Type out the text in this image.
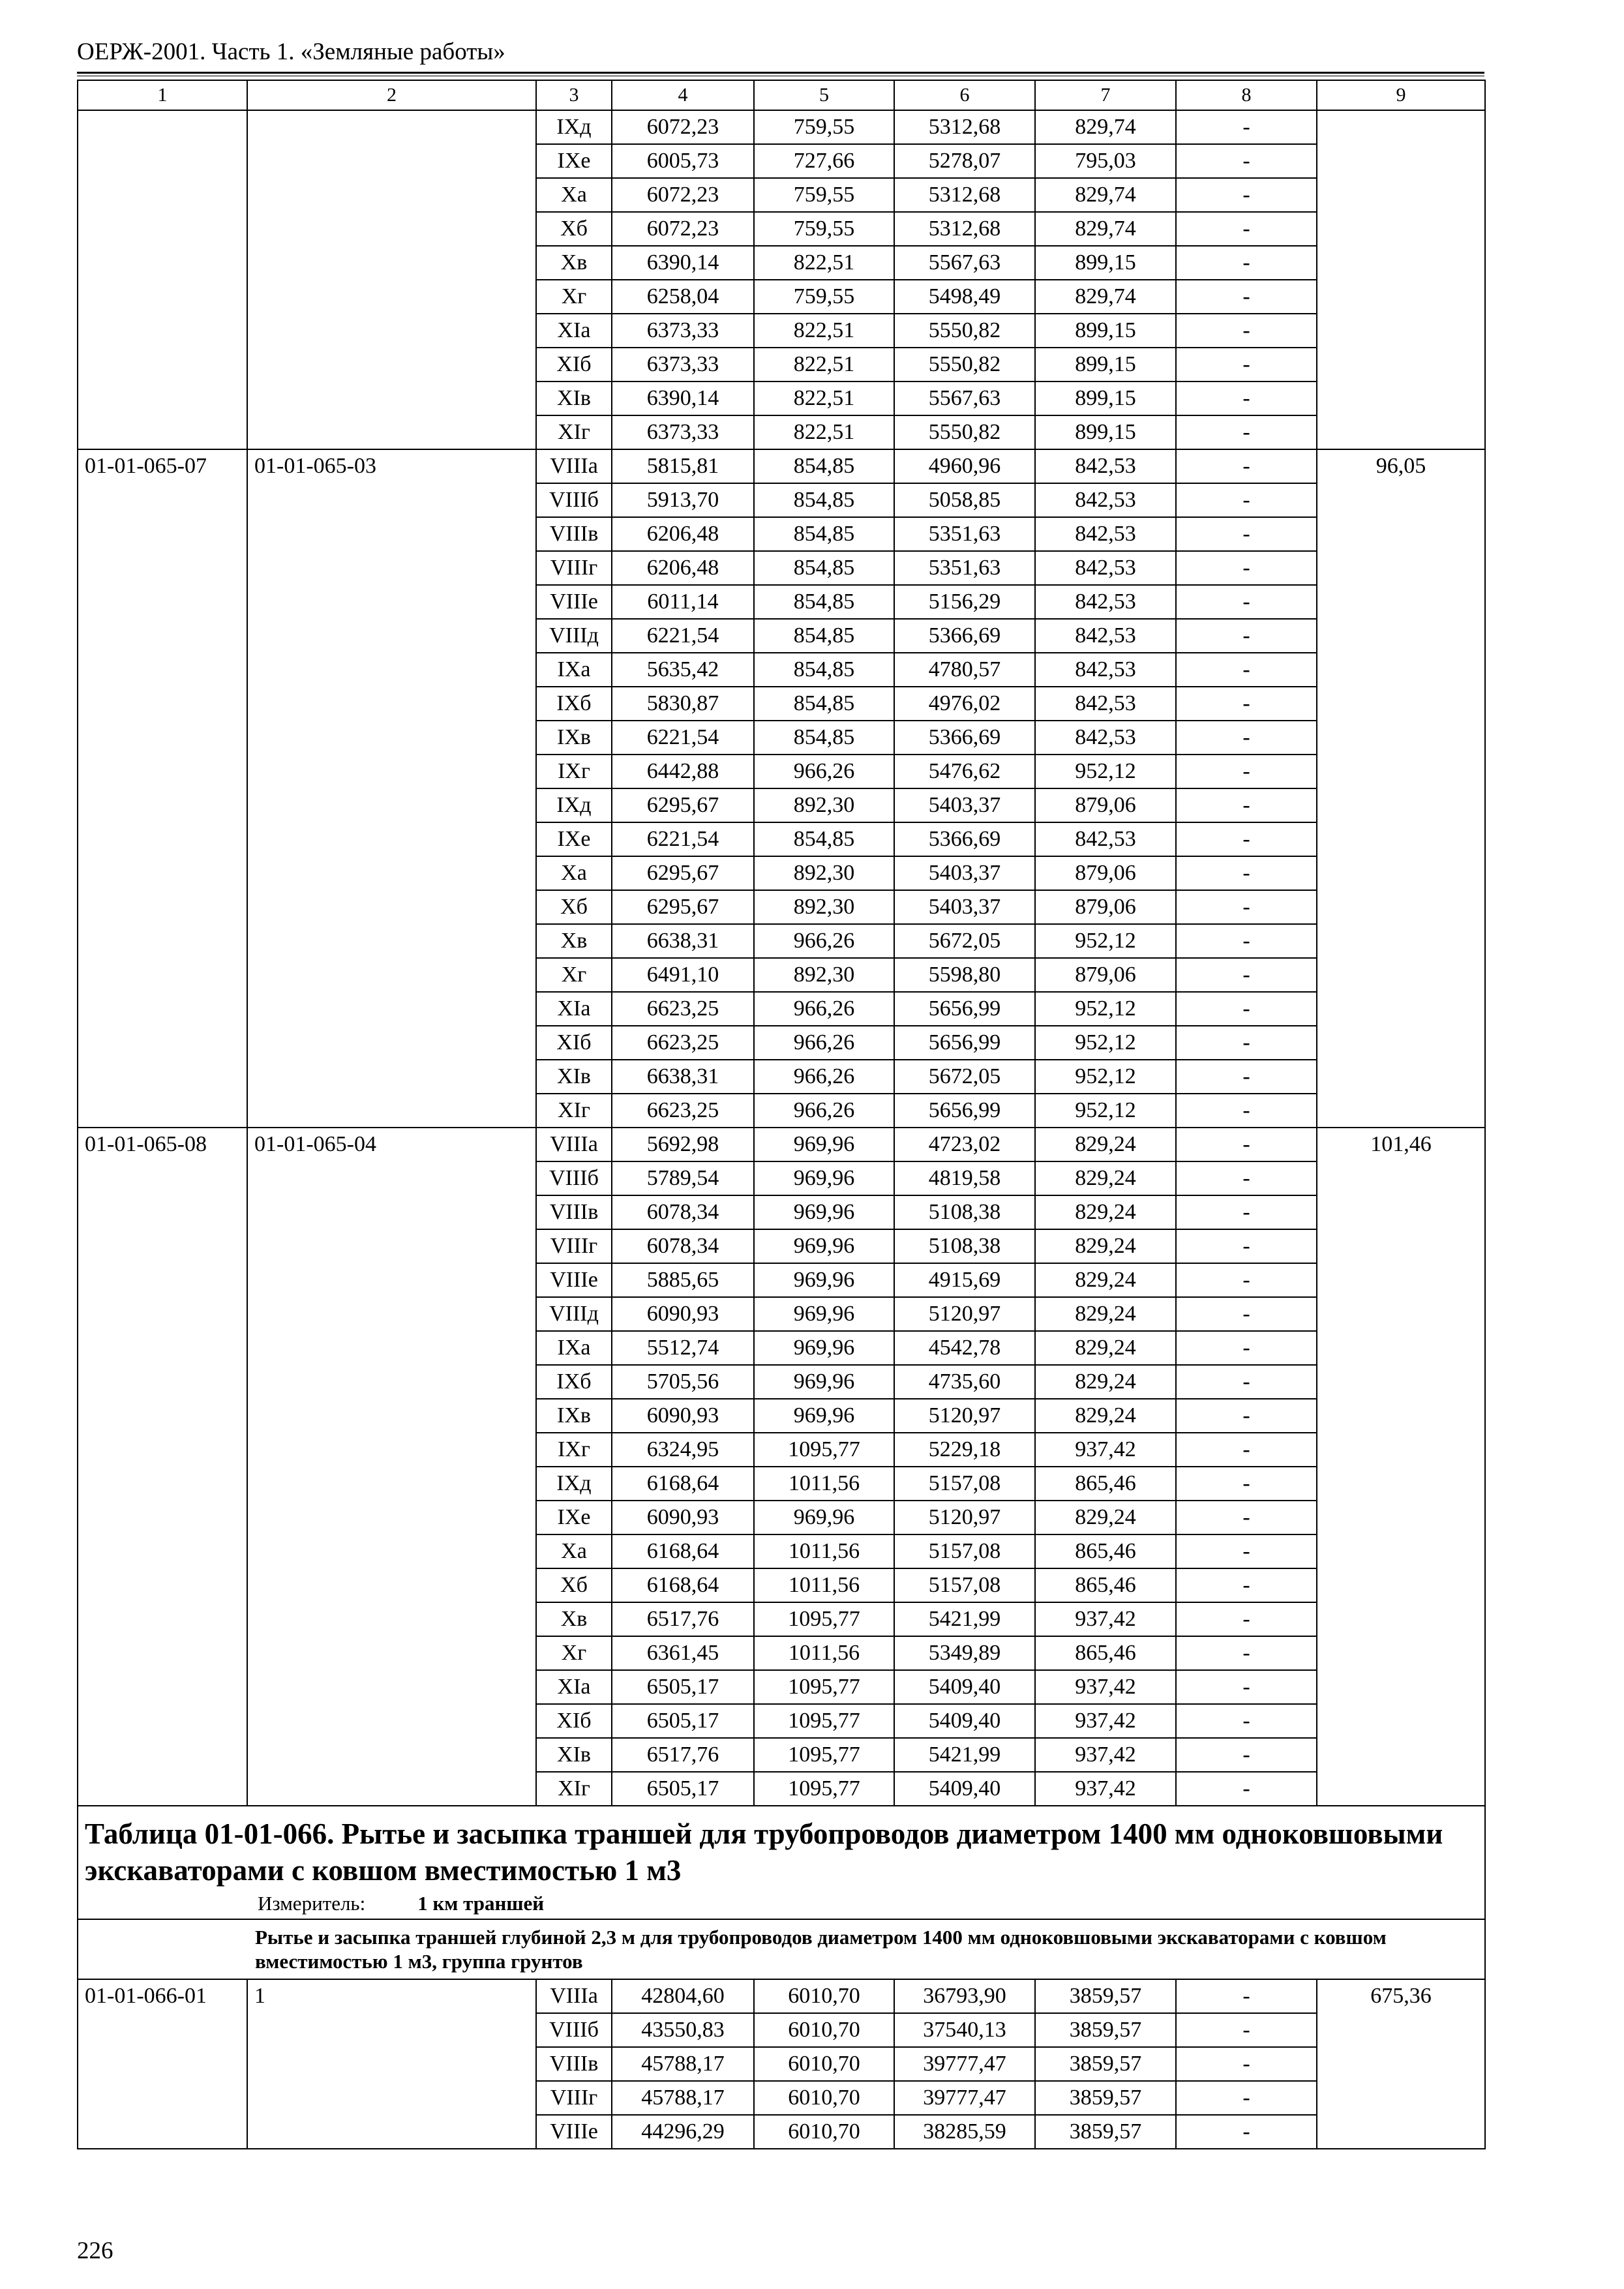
ОЕРЖ-2001. Часть 1. «Земляные работы»
1	2	3	4	5	6	7	8	9
		IXд	6072,23	759,55	5312,68	829,74	-	
		IXе	6005,73	727,66	5278,07	795,03	-	
		Xа	6072,23	759,55	5312,68	829,74	-	
		Xб	6072,23	759,55	5312,68	829,74	-	
		Xв	6390,14	822,51	5567,63	899,15	-	
		Xг	6258,04	759,55	5498,49	829,74	-	
		XIа	6373,33	822,51	5550,82	899,15	-	
		XIб	6373,33	822,51	5550,82	899,15	-	
		XIв	6390,14	822,51	5567,63	899,15	-	
		XIг	6373,33	822,51	5550,82	899,15	-	
01-01-065-07	01-01-065-03	VIIIа	5815,81	854,85	4960,96	842,53	-	96,05
		VIIIб	5913,70	854,85	5058,85	842,53	-	
		VIIIв	6206,48	854,85	5351,63	842,53	-	
		VIIIг	6206,48	854,85	5351,63	842,53	-	
		VIIIе	6011,14	854,85	5156,29	842,53	-	
		VIIIд	6221,54	854,85	5366,69	842,53	-	
		IXа	5635,42	854,85	4780,57	842,53	-	
		IXб	5830,87	854,85	4976,02	842,53	-	
		IXв	6221,54	854,85	5366,69	842,53	-	
		IXг	6442,88	966,26	5476,62	952,12	-	
		IXд	6295,67	892,30	5403,37	879,06	-	
		IXе	6221,54	854,85	5366,69	842,53	-	
		Xа	6295,67	892,30	5403,37	879,06	-	
		Xб	6295,67	892,30	5403,37	879,06	-	
		Xв	6638,31	966,26	5672,05	952,12	-	
		Xг	6491,10	892,30	5598,80	879,06	-	
		XIа	6623,25	966,26	5656,99	952,12	-	
		XIб	6623,25	966,26	5656,99	952,12	-	
		XIв	6638,31	966,26	5672,05	952,12	-	
		XIг	6623,25	966,26	5656,99	952,12	-	
01-01-065-08	01-01-065-04	VIIIа	5692,98	969,96	4723,02	829,24	-	101,46
		VIIIб	5789,54	969,96	4819,58	829,24	-	
		VIIIв	6078,34	969,96	5108,38	829,24	-	
		VIIIг	6078,34	969,96	5108,38	829,24	-	
		VIIIе	5885,65	969,96	4915,69	829,24	-	
		VIIIд	6090,93	969,96	5120,97	829,24	-	
		IXа	5512,74	969,96	4542,78	829,24	-	
		IXб	5705,56	969,96	4735,60	829,24	-	
		IXв	6090,93	969,96	5120,97	829,24	-	
		IXг	6324,95	1095,77	5229,18	937,42	-	
		IXд	6168,64	1011,56	5157,08	865,46	-	
		IXе	6090,93	969,96	5120,97	829,24	-	
		Xа	6168,64	1011,56	5157,08	865,46	-	
		Xб	6168,64	1011,56	5157,08	865,46	-	
		Xв	6517,76	1095,77	5421,99	937,42	-	
		Xг	6361,45	1011,56	5349,89	865,46	-	
		XIа	6505,17	1095,77	5409,40	937,42	-	
		XIб	6505,17	1095,77	5409,40	937,42	-	
		XIв	6517,76	1095,77	5421,99	937,42	-	
		XIг	6505,17	1095,77	5409,40	937,42	-	

Таблица 01-01-066. Рытье и засыпка траншей для трубопроводов диаметром 1400 мм одноковшовыми экскаваторами с ковшом вместимостью 1 м3
Измеритель: 1 км траншей								

Рытье и засыпка траншей глубиной 2,3 м для трубопроводов диаметром 1400 мм одноковшовыми экскаваторами с ковшом вместимостью 1 м3, группа грунтов								
01-01-066-01	1	VIIIа	42804,60	6010,70	36793,90	3859,57	-	675,36
		VIIIб	43550,83	6010,70	37540,13	3859,57	-	
		VIIIв	45788,17	6010,70	39777,47	3859,57	-	
		VIIIг	45788,17	6010,70	39777,47	3859,57	-	
		VIIIе	44296,29	6010,70	38285,59	3859,57	-	
226
